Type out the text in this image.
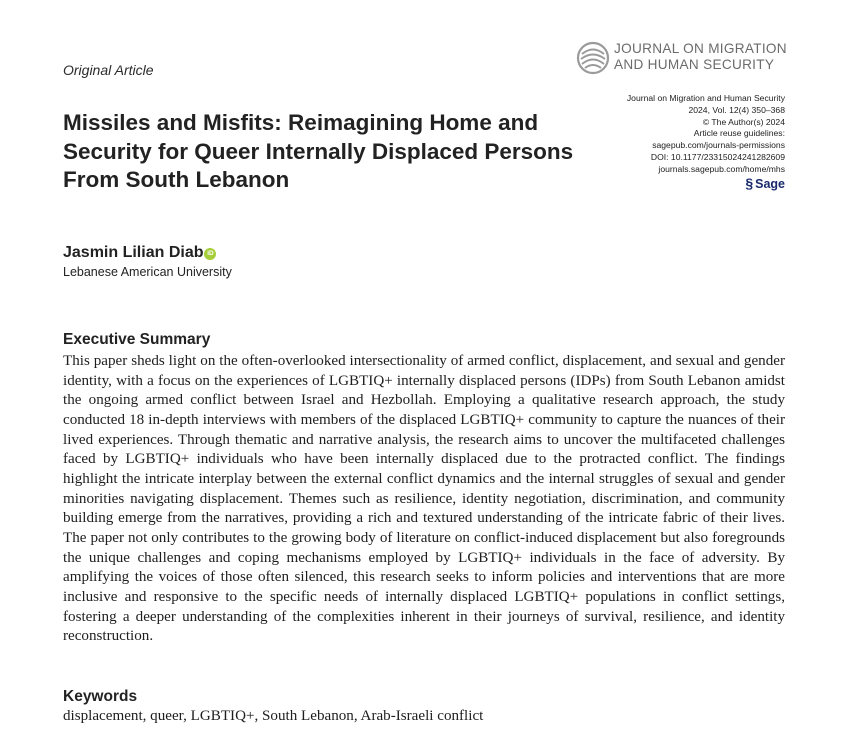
JOURNAL ON MIGRATION
AND HUMAN SECURITY
Original Article
Journal on Migration and Human Security
2024, Vol. 12(4) 350–368
© The Author(s) 2024
Article reuse guidelines:
sagepub.com/journals-permissions
DOI: 10.1177/23315024241282609
journals.sagepub.com/home/mhs
§ Sage
Missiles and Misfits: Reimagining Home and Security for Queer Internally Displaced Persons From South Lebanon
Jasmin Lilian Diab iD
Lebanese American University
Executive Summary
This paper sheds light on the often-overlooked intersectionality of armed conflict, displacement, and sexual and gender identity, with a focus on the experiences of LGBTIQ+ internally displaced persons (IDPs) from South Lebanon amidst the ongoing armed conflict between Israel and Hezbollah. Employing a qualitative research approach, the study conducted 18 in-depth interviews with members of the displaced LGBTIQ+ community to capture the nuances of their lived experiences. Through thematic and narrative analysis, the research aims to uncover the multifaceted challenges faced by LGBTIQ+ individuals who have been internally displaced due to the protracted conflict. The findings highlight the intricate interplay between the external conflict dynamics and the internal struggles of sexual and gender minorities navigating displacement. Themes such as resilience, identity negotiation, discrimination, and community building emerge from the narratives, providing a rich and textured understanding of the intricate fabric of their lives. The paper not only contributes to the growing body of literature on conflict-induced displacement but also foregrounds the unique challenges and coping mechanisms employed by LGBTIQ+ individuals in the face of adversity. By amplifying the voices of those often silenced, this research seeks to inform policies and interventions that are more inclusive and responsive to the specific needs of internally displaced LGBTIQ+ populations in conflict settings, fostering a deeper understanding of the complexities inherent in their journeys of survival, resilience, and identity reconstruction.
Keywords
displacement, queer, LGBTIQ+, South Lebanon, Arab-Israeli conflict
